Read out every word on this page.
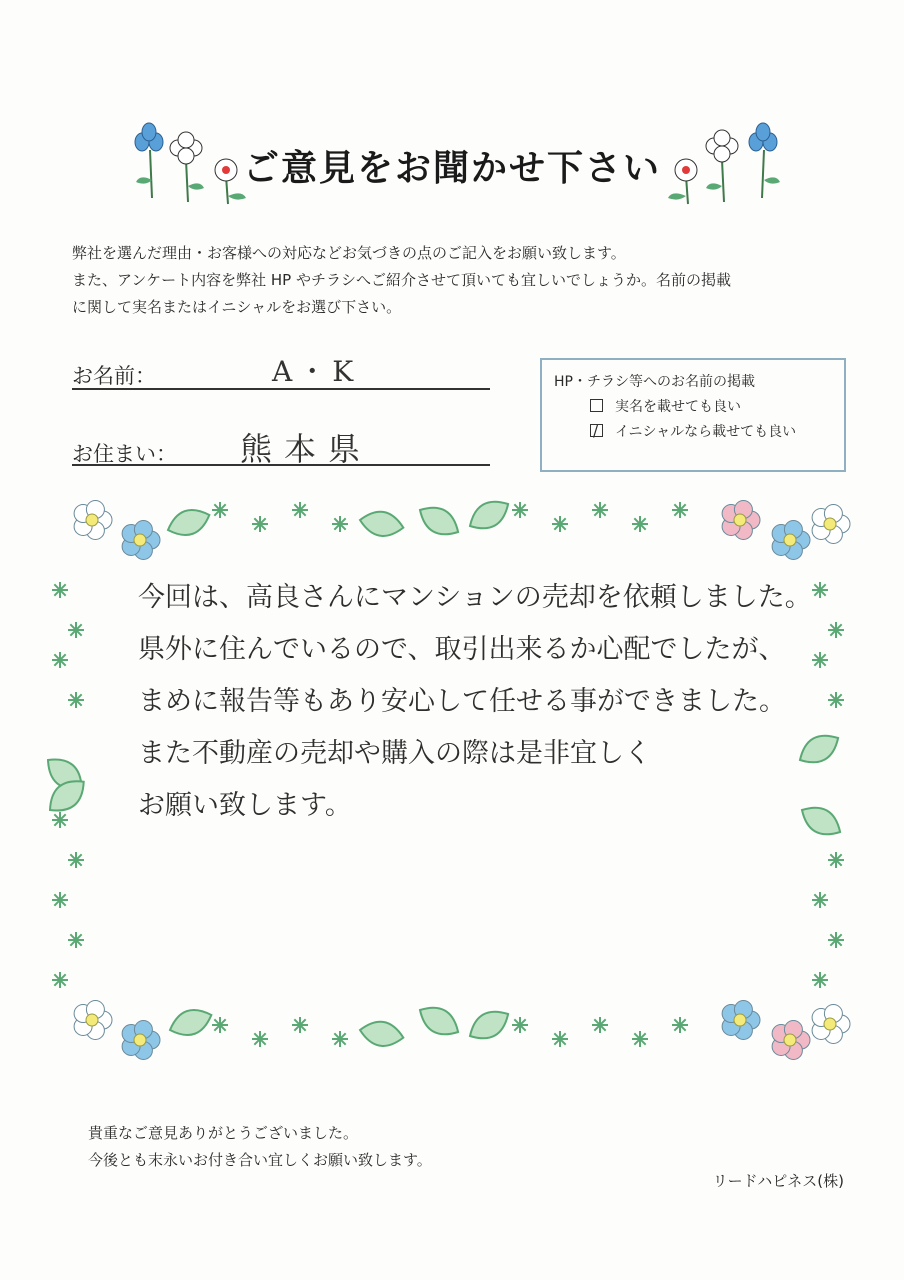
ご意見をお聞かせ下さい
弊社を選んだ理由・お客様への対応などお気づきの点のご記入をお願い致します。
また、アンケート内容を弊社 HP やチラシへご紹介させて頂いても宜しいでしょうか。名前の掲載
に関して実名またはイニシャルをお選び下さい。
お名前：	A・K
お住まい： 熊本県
HP・チラシ等へのお名前の掲載
実名を載せても良い
/イニシャルなら載せても良い
今回は、高良さんにマンションの売却を依頼しました。
県外に住んでいるので、取引出来るか心配でしたが、
まめに報告等もあり安心して任せる事ができました。
また不動産の売却や購入の際は是非宜しく
お願い致します。
貴重なご意見ありがとうございました。
今後とも末永いお付き合い宜しくお願い致します。
リードハピネス(株)
